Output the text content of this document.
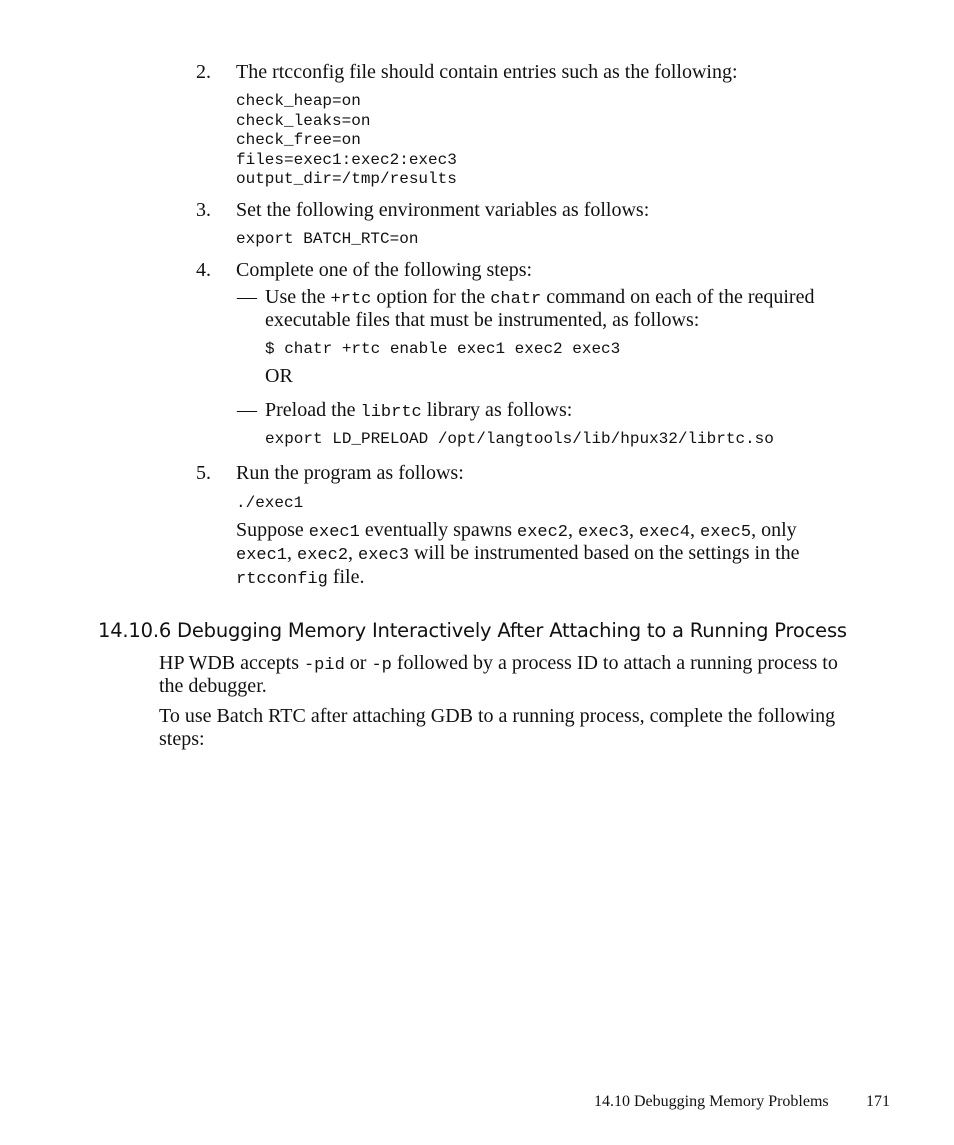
2. The rtcconfig file should contain entries such as the following:
check_heap=on
check_leaks=on
check_free=on
files=exec1:exec2:exec3
output_dir=/tmp/results
3. Set the following environment variables as follows:
export BATCH_RTC=on
4. Complete one of the following steps:
— Use the +rtc option for the chatr command on each of the required
executable files that must be instrumented, as follows:
$ chatr +rtc enable exec1 exec2 exec3
OR
— Preload the librtc library as follows:
export LD_PRELOAD /opt/langtools/lib/hpux32/librtc.so
5. Run the program as follows:
./exec1
Suppose exec1 eventually spawns exec2, exec3, exec4, exec5, only
exec1, exec2, exec3 will be instrumented based on the settings in the
rtcconfig file.
14.10.6 Debugging Memory Interactively After Attaching to a Running Process
HP WDB accepts -pid or -p followed by a process ID to attach a running process to
the debugger.
To use Batch RTC after attaching GDB to a running process, complete the following
steps:
14.10 Debugging Memory Problems 171
